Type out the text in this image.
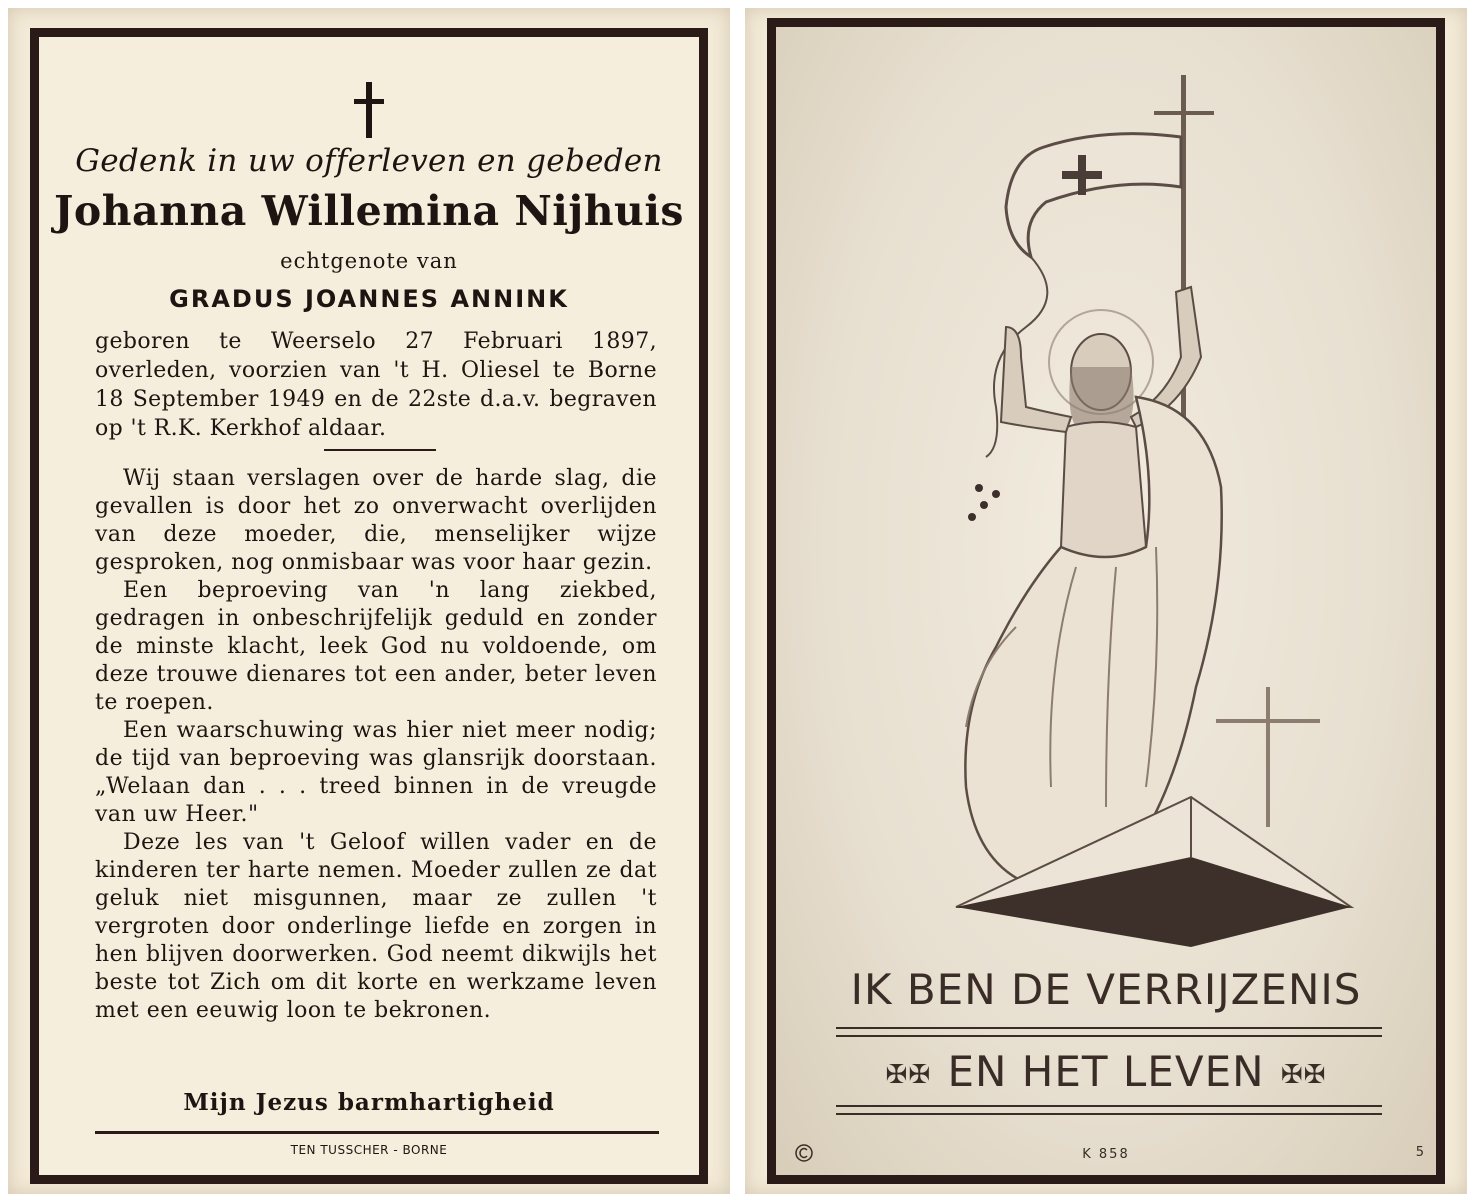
Gedenk in uw offerleven en gebeden
Johanna Willemina Nijhuis
echtgenote van
GRADUS JOANNES ANNINK
geboren te Weerselo 27 Februari 1897, overleden, voorzien van 't H. Oliesel te Borne 18 September 1949 en de 22ste d.a.v. begraven op 't R.K. Kerkhof aldaar.

Wij staan verslagen over de harde slag, die gevallen is door het zo onverwacht overlijden van deze moeder, die, menselijker wijze gesproken, nog onmisbaar was voor haar gezin.

Een beproeving van 'n lang ziekbed, gedragen in onbeschrijfelijk geduld en zonder de minste klacht, leek God nu voldoende, om deze trouwe dienares tot een ander, beter leven te roepen.

Een waarschuwing was hier niet meer nodig; de tijd van beproeving was glansrijk doorstaan. „Welaan dan . . . treed binnen in de vreugde van uw Heer."

Deze les van 't Geloof willen vader en de kinderen ter harte nemen. Moeder zullen ze dat geluk niet misgunnen, maar ze zullen 't vergroten door onderlinge liefde en zorgen in hen blijven doorwerken. God neemt dikwijls het beste tot Zich om dit korte en werkzame leven met een eeuwig loon te bekronen.

Mijn Jezus barmhartigheid
TEN TUSSCHER - BORNE
IK BEN DE VERRIJZENIS
✠✠ EN HET LEVEN ✠✠
K 858	5
